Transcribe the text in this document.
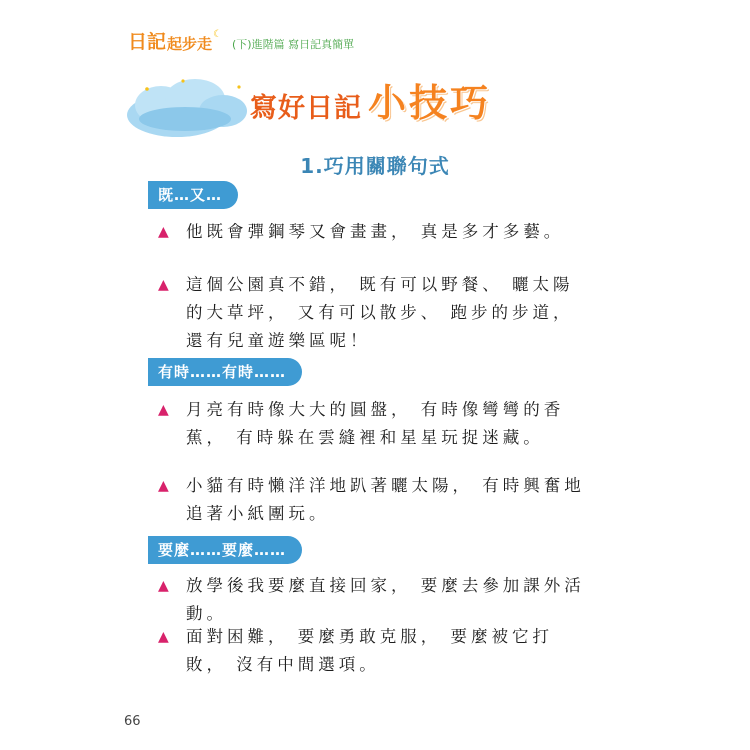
日記 起步走
☾
(下)進階篇 寫日記真簡單
寫好日記 小技巧
1.巧用關聯句式
既…又…
▲	他既會彈鋼琴又會畫畫， 真是多才多藝。
▲	這個公園真不錯， 既有可以野餐、 曬太陽的大草坪， 又有可以散步、 跑步的步道， 還有兒童遊樂區呢！
有時……有時……
▲	月亮有時像大大的圓盤， 有時像彎彎的香蕉， 有時躲在雲縫裡和星星玩捉迷藏。
▲	小貓有時懶洋洋地趴著曬太陽， 有時興奮地追著小紙團玩。
要麼……要麼……
▲	放學後我要麼直接回家， 要麼去參加課外活動。
▲	面對困難， 要麼勇敢克服， 要麼被它打敗， 沒有中間選項。
66
